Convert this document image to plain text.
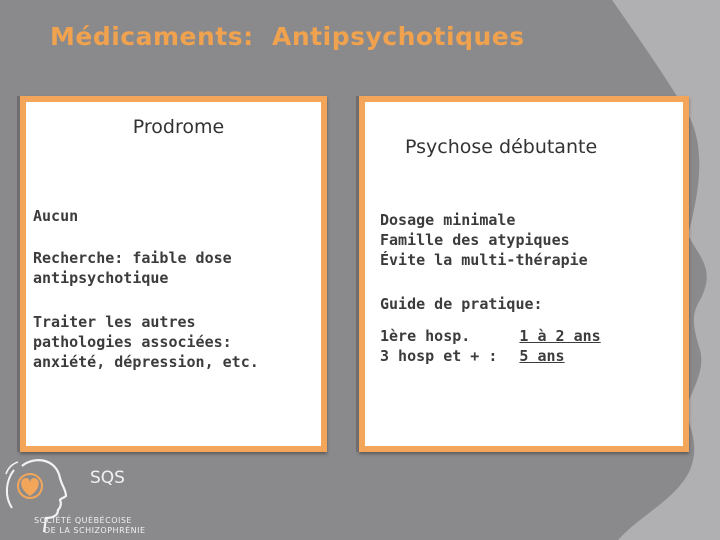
Médicaments:  Antipsychotiques
Prodrome

Aucun

Recherche: faible dose
antipsychotique

Traiter les autres
pathologies associées:
anxiété, dépression, etc.

Psychose débutante

Dosage minimale
Famille des atypiques
Évite la multi-thérapie

Guide de pratique:

1ère hosp.	1 à 2 ans
3 hosp et + :	5 ans
SQS
SOCIÉTÉ QUÉBÉCOISE
DE LA SCHIZOPHRÉNIE
